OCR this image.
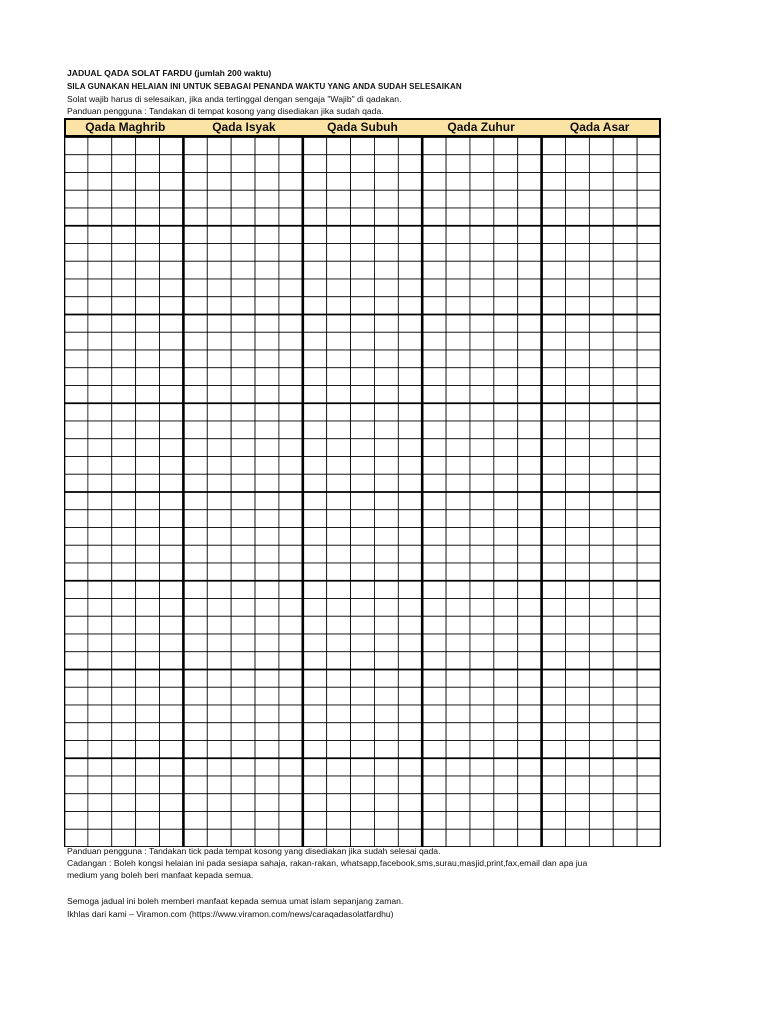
JADUAL QADA SOLAT FARDU (jumlah 200 waktu)
SILA GUNAKAN HELAIAN INI UNTUK SEBAGAI PENANDA WAKTU YANG ANDA SUDAH SELESAIKAN
Solat wajib harus di selesaikan, jika anda tertinggal dengan sengaja "Wajib" di qadakan.
Panduan pengguna : Tandakan di tempat kosong yang disediakan jika sudah qada.
Qada Maghrib	Qada Isyak	Qada Subuh	Qada Zuhur	Qada Asar
Panduan pengguna : Tandakan tick pada tempat kosong yang disediakan jika sudah selesai qada.
Cadangan : Boleh kongsi helaian ini pada sesiapa sahaja, rakan-rakan, whatsapp,facebook,sms,surau,masjid,print,fax,email dan apa jua
medium yang boleh beri manfaat kepada semua.
Semoga jadual ini boleh memberi manfaat kepada semua umat islam sepanjang zaman.
Ikhlas dari kami – Viramon.com (https://www.viramon.com/news/caraqadasolatfardhu)
